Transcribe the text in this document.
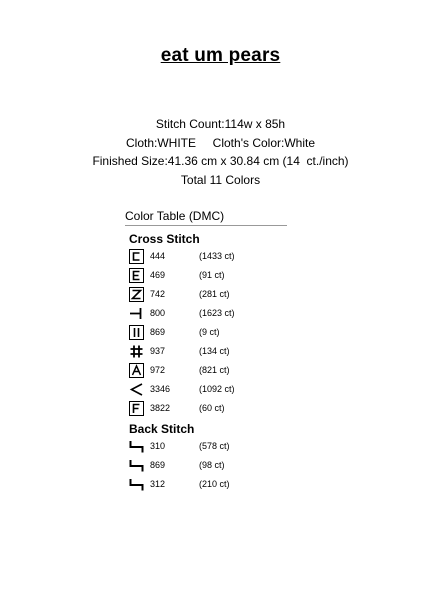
eat um pears
Stitch Count:114w x 85h
Cloth:WHITE     Cloth's Color:White
Finished Size:41.36 cm x 30.84 cm (14  ct./inch)
Total 11 Colors
Color Table (DMC)
Cross Stitch
444	(1433 ct)
469	(91 ct)
742	(281 ct)
800	(1623 ct)
869	(9 ct)
937	(134 ct)
972	(821 ct)
3346	(1092 ct)
3822	(60 ct)
Back Stitch
310	(578 ct)
869	(98 ct)
312	(210 ct)
